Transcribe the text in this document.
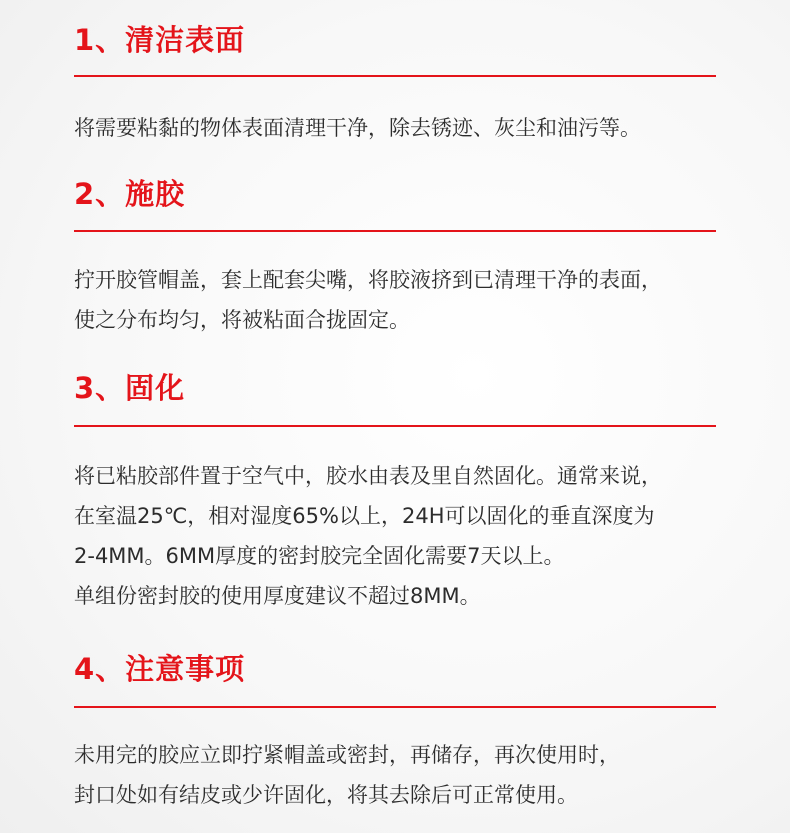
1、清洁表面
将需要粘黏的物体表面清理干净，除去锈迹、灰尘和油污等。
2、施胶
拧开胶管帽盖，套上配套尖嘴，将胶液挤到已清理干净的表面，
使之分布均匀，将被粘面合拢固定。
3、固化
将已粘胶部件置于空气中，胶水由表及里自然固化。通常来说，
在室温25℃，相对湿度65%以上，24H可以固化的垂直深度为
2-4MM。6MM厚度的密封胶完全固化需要7天以上。
单组份密封胶的使用厚度建议不超过8MM。
4、注意事项
未用完的胶应立即拧紧帽盖或密封，再储存，再次使用时，
封口处如有结皮或少许固化，将其去除后可正常使用。
